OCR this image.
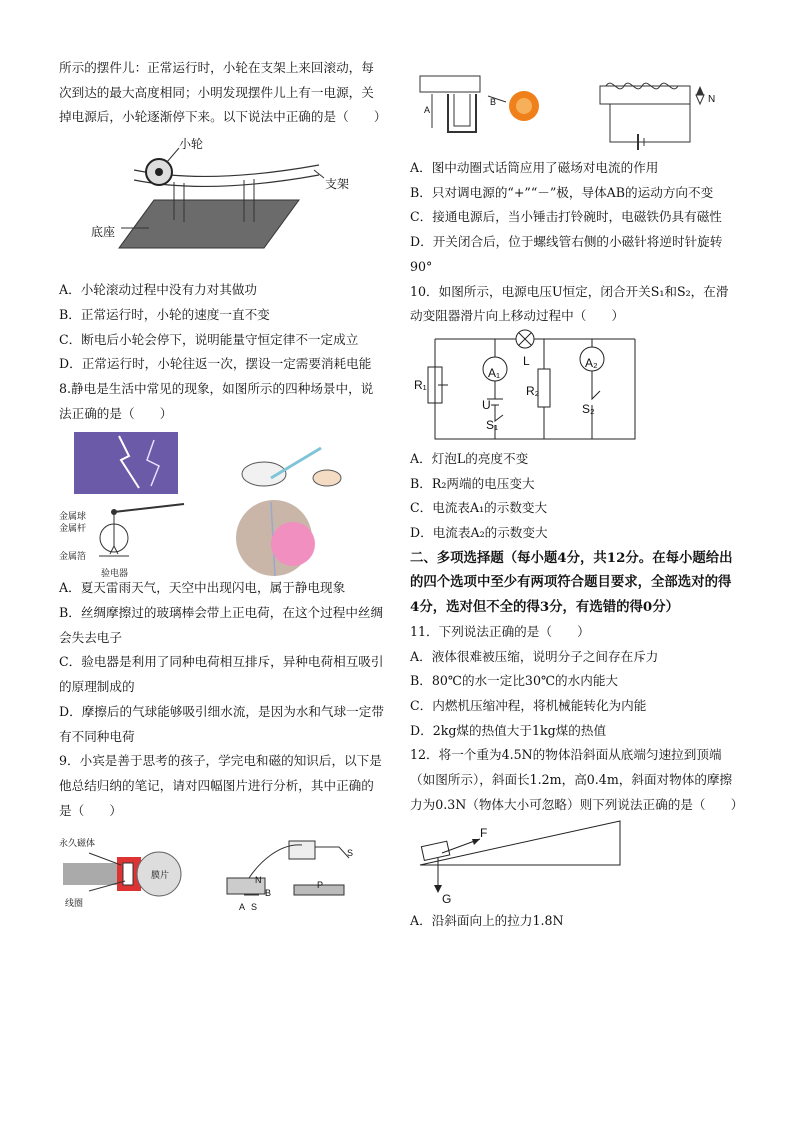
所示的摆件儿：正常运行时，小轮在支架上来回滚动，每次到达的最大高度相同；小明发现摆件儿上有一电源，关掉电源后，小轮逐渐停下来。以下说法中正确的是（　　）

小轮
支架
底座

A．小轮滚动过程中没有力对其做功

B．正常运行时，小轮的速度一直不变

C．断电后小轮会停下，说明能量守恒定律不一定成立

D．正常运行时，小轮往返一次，摆设一定需要消耗电能

8.静电是生活中常见的现象，如图所示的四种场景中，说法正确的是（　　）

金属球
金属杆
金属箔
验电器

A．夏天雷雨天气，天空中出现闪电，属于静电现象

B．丝绸摩擦过的玻璃棒会带上正电荷，在这个过程中丝绸会失去电子

C．验电器是利用了同种电荷相互排斥，异种电荷相互吸引的原理制成的

D．摩擦后的气球能够吸引细水流，是因为水和气球一定带有不同种电荷

9．小宾是善于思考的孩子，学完电和磁的知识后，以下是他总结归纳的笔记，请对四幅图片进行分析，其中正确的是（　　）

永久磁体
线圈
膜片	N
A S
B
P
S
A
B	N

A．图中动圈式话筒应用了磁场对电流的作用

B．只对调电源的“+”“－”极，导体AB的运动方向不变

C．接通电源后，当小锤击打铃碗时，电磁铁仍具有磁性

D．开关闭合后，位于螺线管右侧的小磁针将逆时针旋转90°

10．如图所示，电源电压U恒定，闭合开关S₁和S₂，在滑动变阻器滑片向上移动过程中（　　）

R₁
A₁
L	A₂
R₂
U
S₁
S₂

A．灯泡L的亮度不变

B．R₂两端的电压变大

C．电流表A₁的示数变大

D．电流表A₂的示数变大

二、多项选择题（每小题4分，共12分。在每小题给出的四个选项中至少有两项符合题目要求，全部选对的得4分，选对但不全的得3分，有选错的得0分）

11．下列说法正确的是（　　）

A．液体很难被压缩，说明分子之间存在斥力

B．80℃的水一定比30℃的水内能大

C．内燃机压缩冲程，将机械能转化为内能

D．2kg煤的热值大于1kg煤的热值

12．将一个重为4.5N的物体沿斜面从底端匀速拉到顶端（如图所示），斜面长1.2m，高0.4m，斜面对物体的摩擦力为0.3N（物体大小可忽略）则下列说法正确的是（　　）

F
G

A．沿斜面向上的拉力1.8N
